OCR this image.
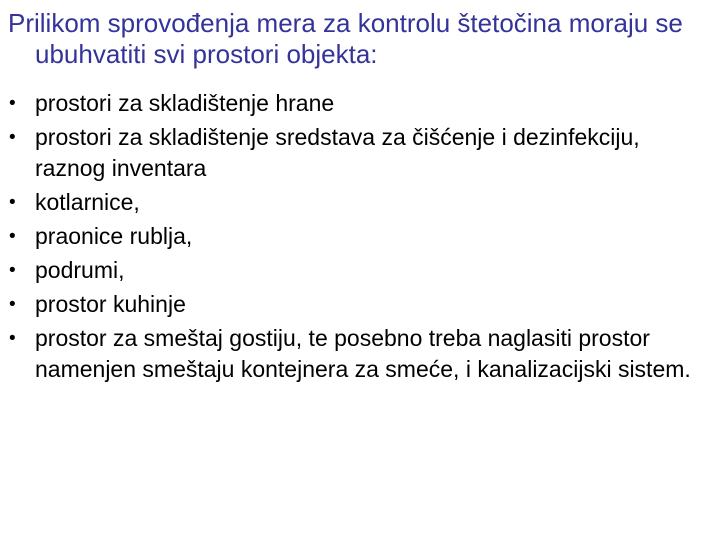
Prilikom sprovođenja mera za kontrolu štetočina moraju se ubuhvatiti svi prostori objekta:
• prostori za skladištenje hrane
• prostori za skladištenje sredstava za čišćenje i dezinfekciju, raznog inventara
• kotlarnice,
• praonice rublja,
• podrumi,
• prostor kuhinje
• prostor za smeštaj gostiju, te posebno treba naglasiti prostor namenjen smeštaju kontejnera za smeće, i kanalizacijski sistem.
